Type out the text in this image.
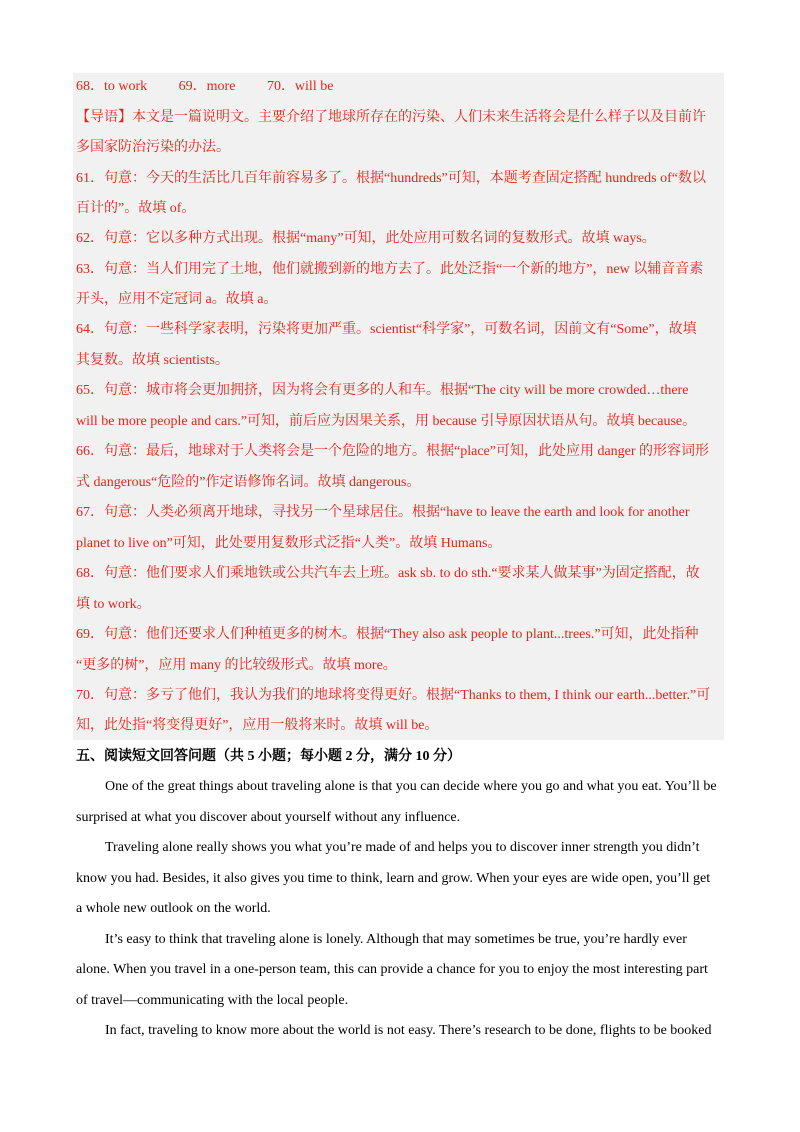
68．to work 69．more 70．will be
【导语】本文是一篇说明文。主要介绍了地球所存在的污染、人们未来生活将会是什么样子以及目前许
多国家防治污染的办法。
61．句意：今天的生活比几百年前容易多了。根据“hundreds”可知，本题考查固定搭配 hundreds of“数以
百计的”。故填 of。
62．句意：它以多种方式出现。根据“many”可知，此处应用可数名词的复数形式。故填 ways。
63．句意：当人们用完了土地，他们就搬到新的地方去了。此处泛指“一个新的地方”，new 以辅音音素
开头，应用不定冠词 a。故填 a。
64．句意：一些科学家表明，污染将更加严重。scientist“科学家”，可数名词，因前文有“Some”，故填
其复数。故填 scientists。
65．句意：城市将会更加拥挤，因为将会有更多的人和车。根据“The city will be more crowded…there
will be more people and cars.”可知，前后应为因果关系，用 because 引导原因状语从句。故填 because。
66．句意：最后，地球对于人类将会是一个危险的地方。根据“place”可知，此处应用 danger 的形容词形
式 dangerous“危险的”作定语修饰名词。故填 dangerous。
67．句意：人类必须离开地球，寻找另一个星球居住。根据“have to leave the earth and look for another
planet to live on”可知，此处要用复数形式泛指“人类”。故填 Humans。
68．句意：他们要求人们乘地铁或公共汽车去上班。ask sb. to do sth.“要求某人做某事”为固定搭配，故
填 to work。
69．句意：他们还要求人们种植更多的树木。根据“They also ask people to plant...trees.”可知，此处指种
“更多的树”，应用 many 的比较级形式。故填 more。
70．句意：多亏了他们，我认为我们的地球将变得更好。根据“Thanks to them, I think our earth...better.”可
知，此处指“将变得更好”，应用一般将来时。故填 will be。
五、阅读短文回答问题（共 5 小题；每小题 2 分，满分 10 分）
One of the great things about traveling alone is that you can decide where you go and what you eat. You’ll be
surprised at what you discover about yourself without any influence.
Traveling alone really shows you what you’re made of and helps you to discover inner strength you didn’t
know you had. Besides, it also gives you time to think, learn and grow. When your eyes are wide open, you’ll get
a whole new outlook on the world.
It’s easy to think that traveling alone is lonely. Although that may sometimes be true, you’re hardly ever
alone. When you travel in a one-person team, this can provide a chance for you to enjoy the most interesting part
of travel—communicating with the local people.
In fact, traveling to know more about the world is not easy. There’s research to be done, flights to be booked
